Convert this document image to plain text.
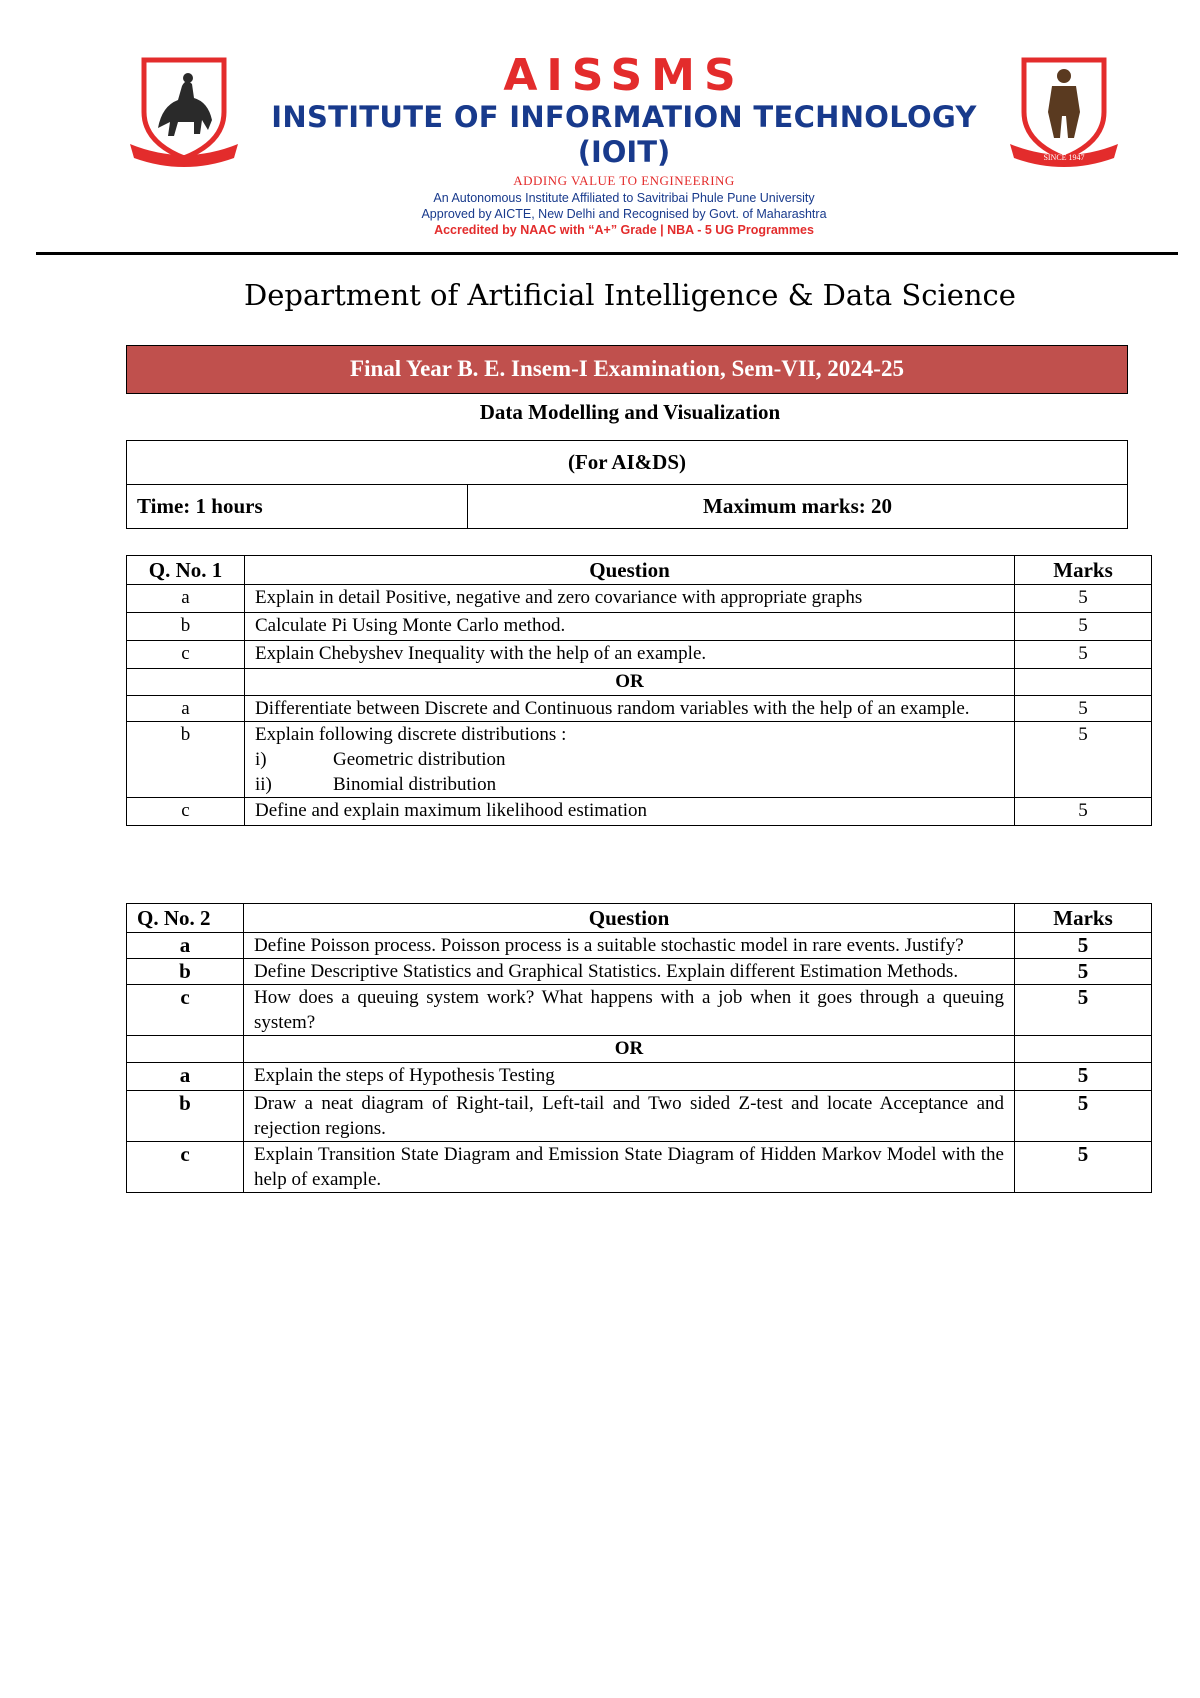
AISSMS
INSTITUTE OF INFORMATION TECHNOLOGY
(IOIT)
ADDING VALUE TO ENGINEERING
An Autonomous Institute Affiliated to Savitribai Phule Pune University
Approved by AICTE, New Delhi and Recognised by Govt. of Maharashtra
Accredited by NAAC with “A+” Grade | NBA - 5 UG Programmes
SINCE 1947
Department of Artificial Intelligence & Data Science
Final Year B. E. Insem-I Examination, Sem-VII, 2024-25
Data Modelling and Visualization
(For AI&DS)
Time: 1 hours	Maximum marks: 20
Q. No. 1	Question	Marks
a	Explain in detail Positive, negative and zero covariance with appropriate graphs	5
b	Calculate Pi Using Monte Carlo method.	5
c	Explain Chebyshev Inequality with the help of an example.	5
	OR	
a	Differentiate between Discrete and Continuous random variables with the help of an example.	5
b	Explain following discrete distributions :
i) Geometric distribution
ii) Binomial distribution	5
c	Define and explain maximum likelihood estimation	5
Q. No. 2	Question	Marks
a	Define Poisson process. Poisson process is a suitable stochastic model in rare events. Justify?	5
b	Define Descriptive Statistics and Graphical Statistics. Explain different Estimation Methods.	5
c	How does a queuing system work? What happens with a job when it goes through a queuing system?	5
	OR	
a	Explain the steps of Hypothesis Testing	5
b	Draw a neat diagram of Right-tail, Left-tail and Two sided Z-test and locate Acceptance and rejection regions.	5
c	Explain Transition State Diagram and Emission State Diagram of Hidden Markov Model with the help of example.	5
